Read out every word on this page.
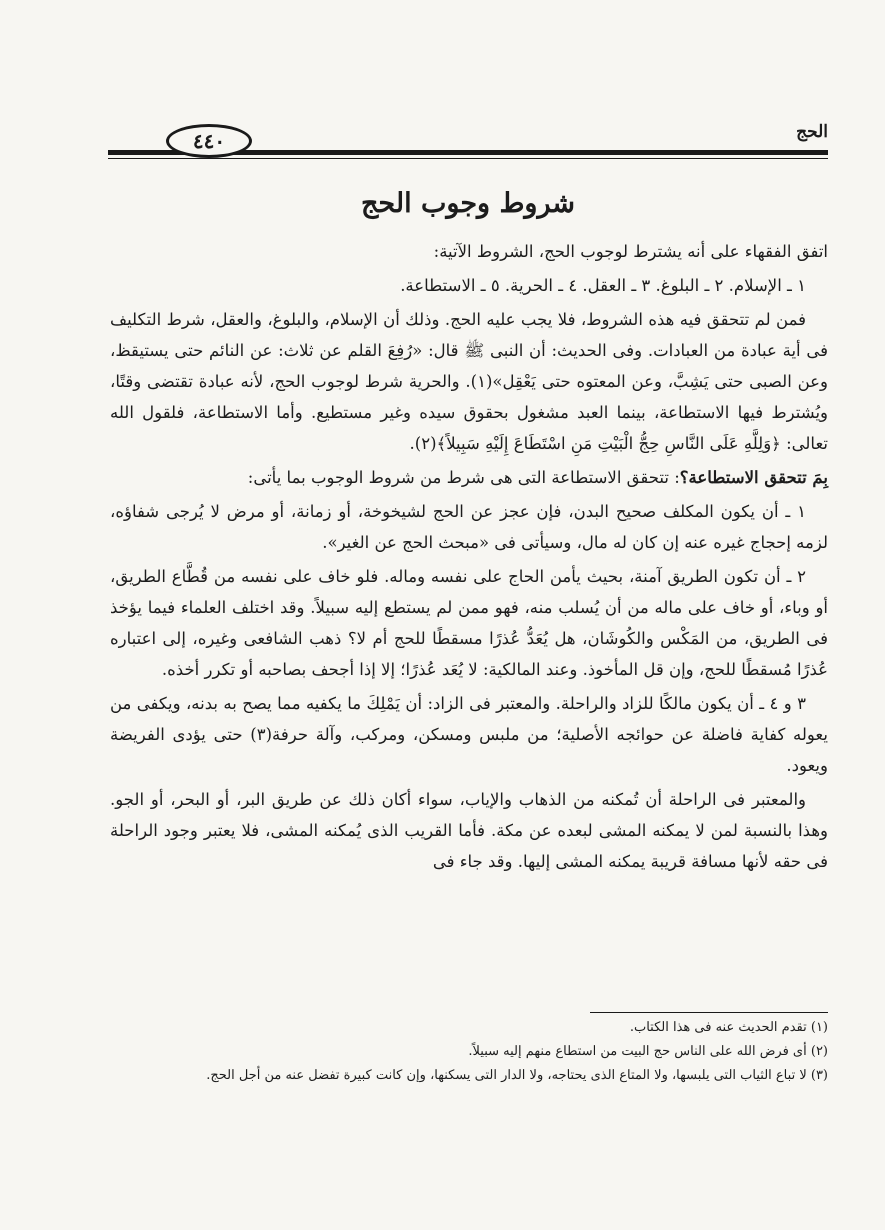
٤٤٠	الحج
شروط وجوب الحج

اتفق الفقهاء على أنه يشترط لوجوب الحج، الشروط الآتية:

١ ـ الإسلام. ٢ ـ البلوغ. ٣ ـ العقل. ٤ ـ الحرية. ٥ ـ الاستطاعة.

فمن لم تتحقق فيه هذه الشروط، فلا يجب عليه الحج. وذلك أن الإسلام، والبلوغ، والعقل، شرط التكليف فى أية عبادة من العبادات. وفى الحديث: أن النبى ﷺ قال: «رُفِعَ القلم عن ثلاث: عن النائم حتى يستيقظ، وعن الصبى حتى يَشِبَّ، وعن المعتوه حتى يَعْقِل»(١). والحرية شرط لوجوب الحج، لأنه عبادة تقتضى وقتًا، ويُشترط فيها الاستطاعة، بينما العبد مشغول بحقوق سيده وغير مستطيع. وأما الاستطاعة، فلقول الله تعالى: ﴿وَلِلَّهِ عَلَى النَّاسِ حِجُّ الْبَيْتِ مَنِ اسْتَطَاعَ إِلَيْهِ سَبِيلاً﴾(٢).

بِمَ تتحقق الاستطاعة؟: تتحقق الاستطاعة التى هى شرط من شروط الوجوب بما يأتى:

١ ـ أن يكون المكلف صحيح البدن، فإن عجز عن الحج لشيخوخة، أو زمانة، أو مرض لا يُرجى شفاؤه، لزمه إحجاج غيره عنه إن كان له مال، وسيأتى فى «مبحث الحج عن الغير».

٢ ـ أن تكون الطريق آمنة، بحيث يأمن الحاج على نفسه وماله. فلو خاف على نفسه من قُطَّاع الطريق، أو وباء، أو خاف على ماله من أن يُسلب منه، فهو ممن لم يستطع إليه سبيلاً. وقد اختلف العلماء فيما يؤخذ فى الطريق، من المَكْس والكُوشَان، هل يُعَدُّ عُذرًا مسقطًا للحج أم لا؟ ذهب الشافعى وغيره، إلى اعتباره عُذرًا مُسقطًا للحج، وإن قل المأخوذ. وعند المالكية: لا يُعَد عُذرًا؛ إلا إذا أجحف بصاحبه أو تكرر أخذه.

٣ و ٤ ـ أن يكون مالكًا للزاد والراحلة. والمعتبر فى الزاد: أن يَمْلِكَ ما يكفيه مما يصح به بدنه، ويكفى من يعوله كفاية فاضلة عن حوائجه الأصلية؛ من ملبس ومسكن، ومركب، وآلة حرفة(٣) حتى يؤدى الفريضة ويعود.

والمعتبر فى الراحلة أن تُمكنه من الذهاب والإياب، سواء أكان ذلك عن طريق البر، أو البحر، أو الجو. وهذا بالنسبة لمن لا يمكنه المشى لبعده عن مكة. فأما القريب الذى يُمكنه المشى، فلا يعتبر وجود الراحلة فى حقه لأنها مسافة قريبة يمكنه المشى إليها. وقد جاء فى

(١) تقدم الحديث عنه فى هذا الكتاب.

(٢) أى فرض الله على الناس حج البيت من استطاع منهم إليه سبيلاً.

(٣) لا تباع الثياب التى يلبسها، ولا المتاع الذى يحتاجه، ولا الدار التى يسكنها، وإن كانت كبيرة تفضل عنه من أجل الحج.
